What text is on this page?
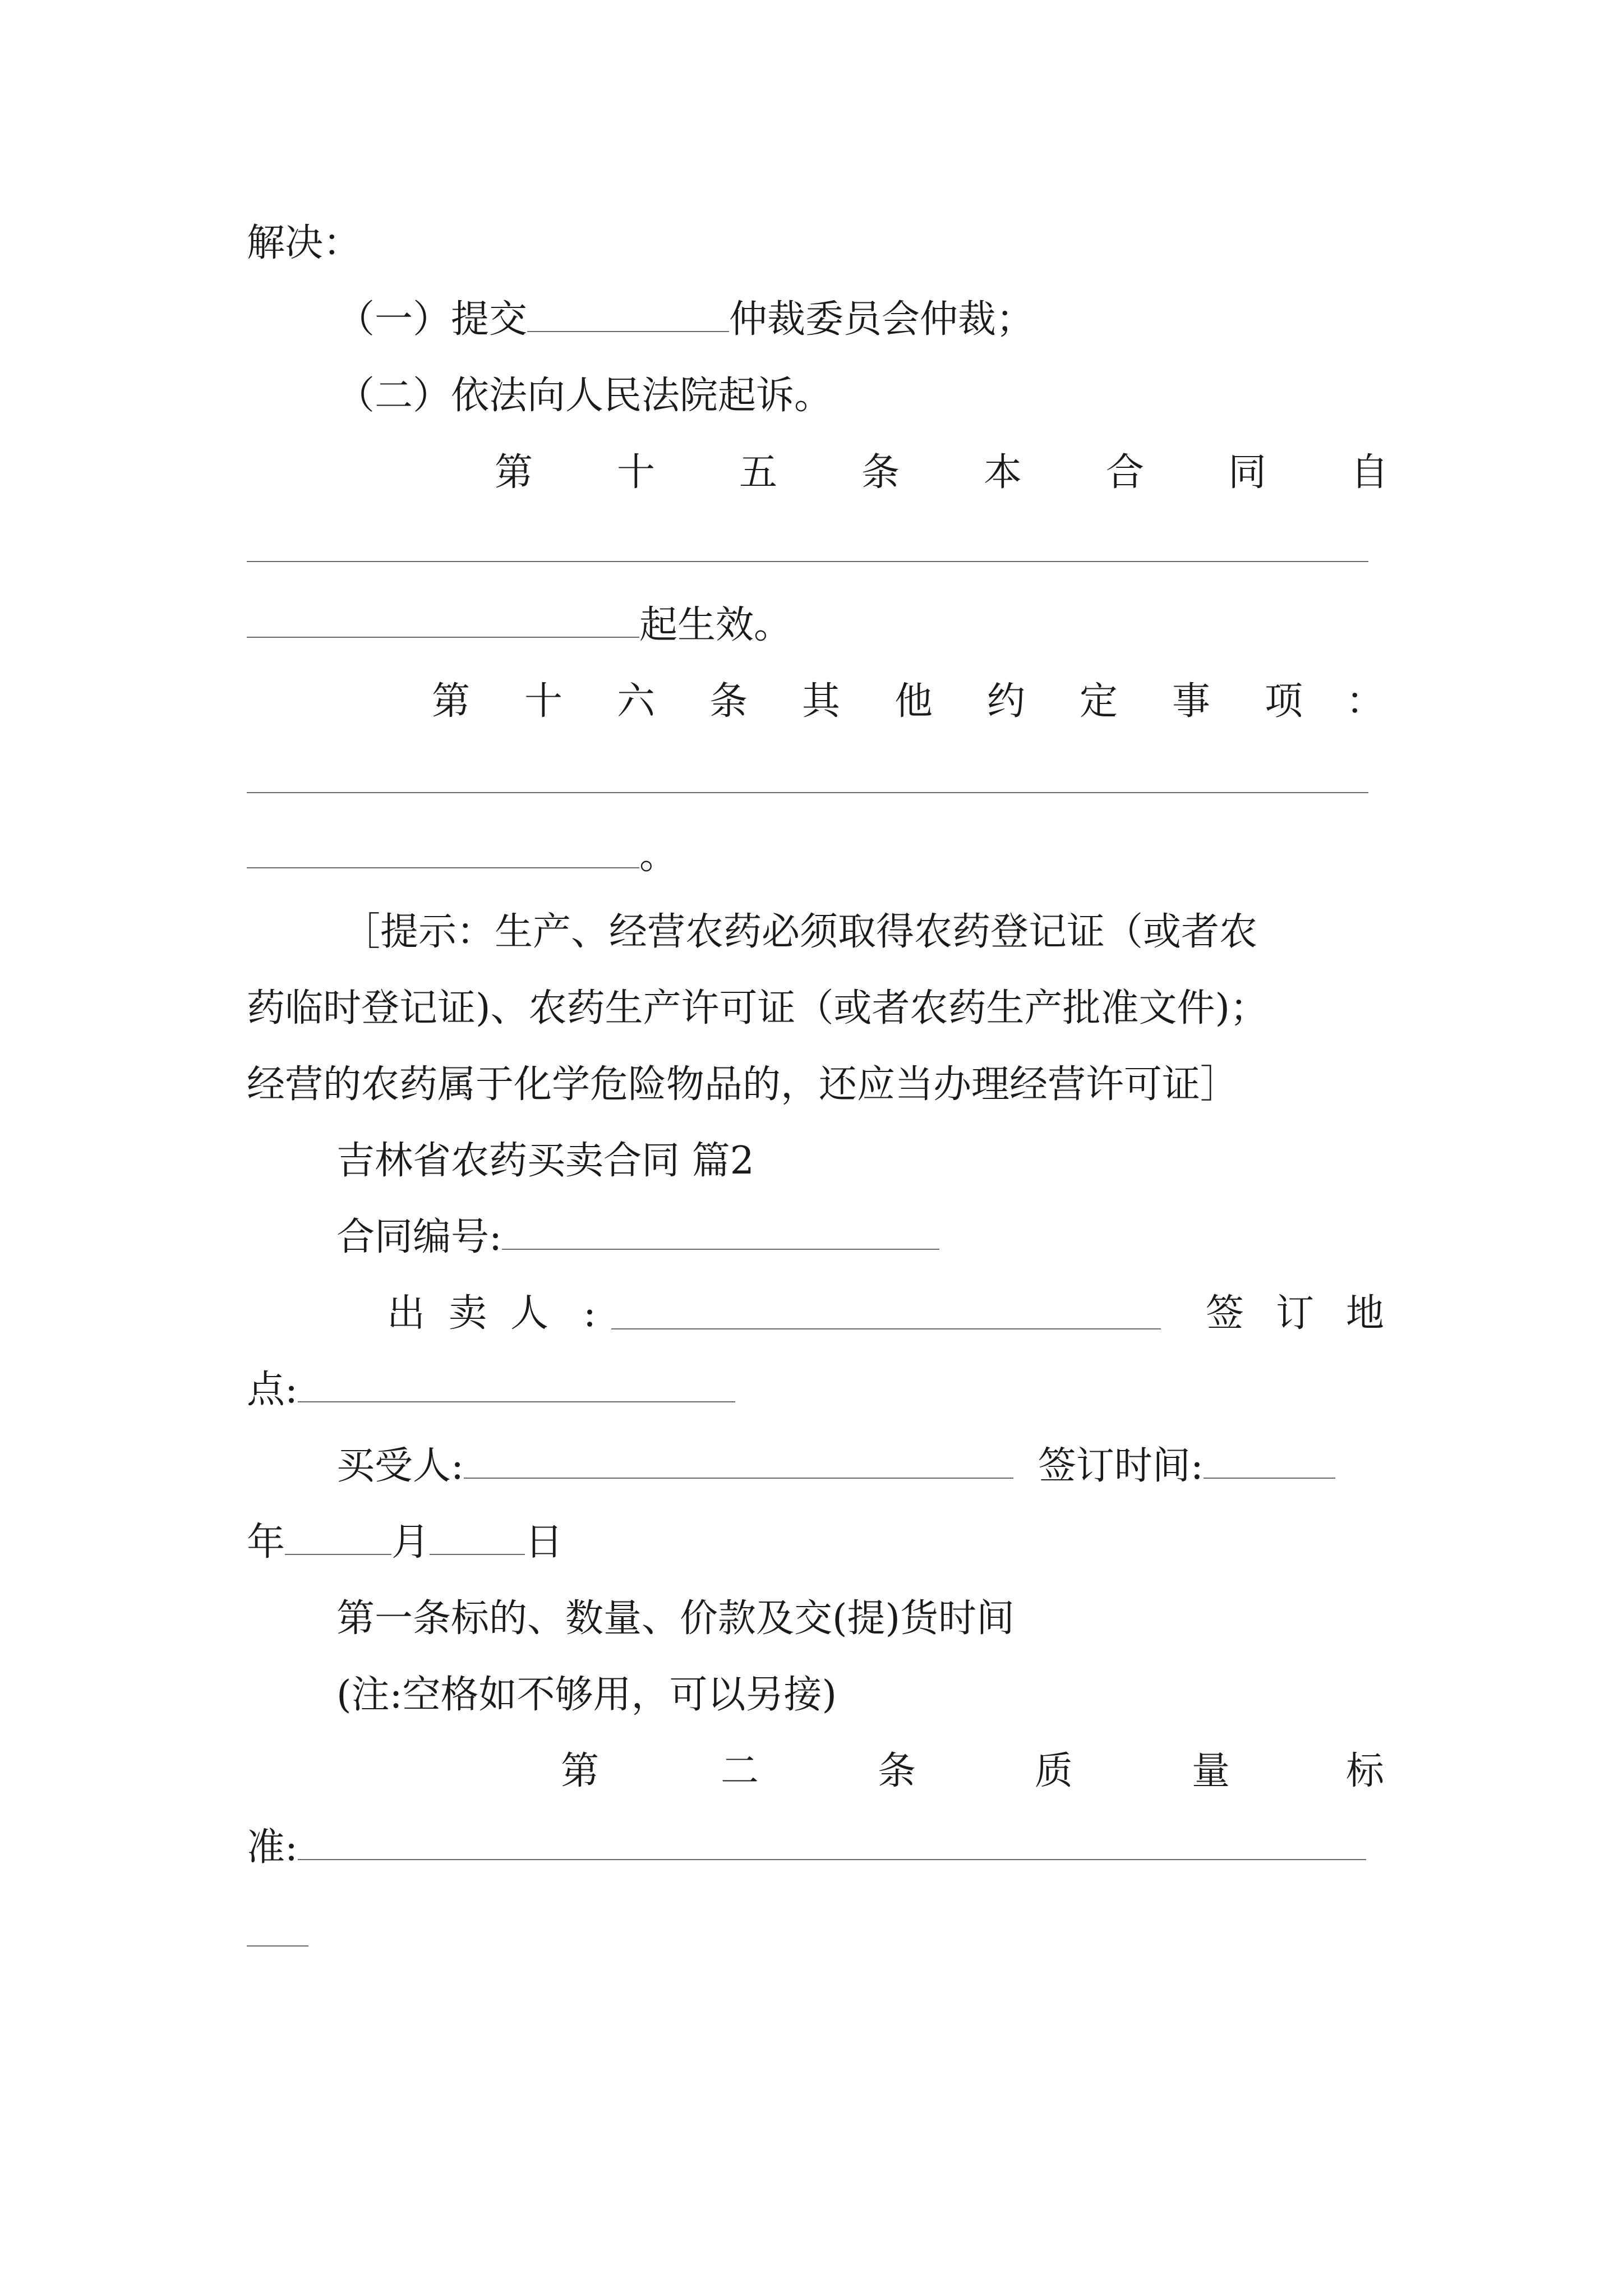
解决：
（一）提交	仲裁委员会仲裁；
（二）依法向人民法院起诉。
第 十 五 条 本 合 同 自
起生效。
第 十 六 条 其 他 约 定 事 项 ：
。
［提示：生产、经营农药必须取得农药登记证（或者农
药临时登记证)、农药生产许可证（或者农药生产批准文件)；
经营的农药属于化学危险物品的，还应当办理经营许可证］
吉林省农药买卖合同 篇2
合同编号:
出 卖 人 :	签 订 地
点:
买受人:	签订时间:
年	月	日
第一条标的、数量、价款及交(提)货时间
(注:空格如不够用，可以另接)
第	二	条	质	量	标
准:
